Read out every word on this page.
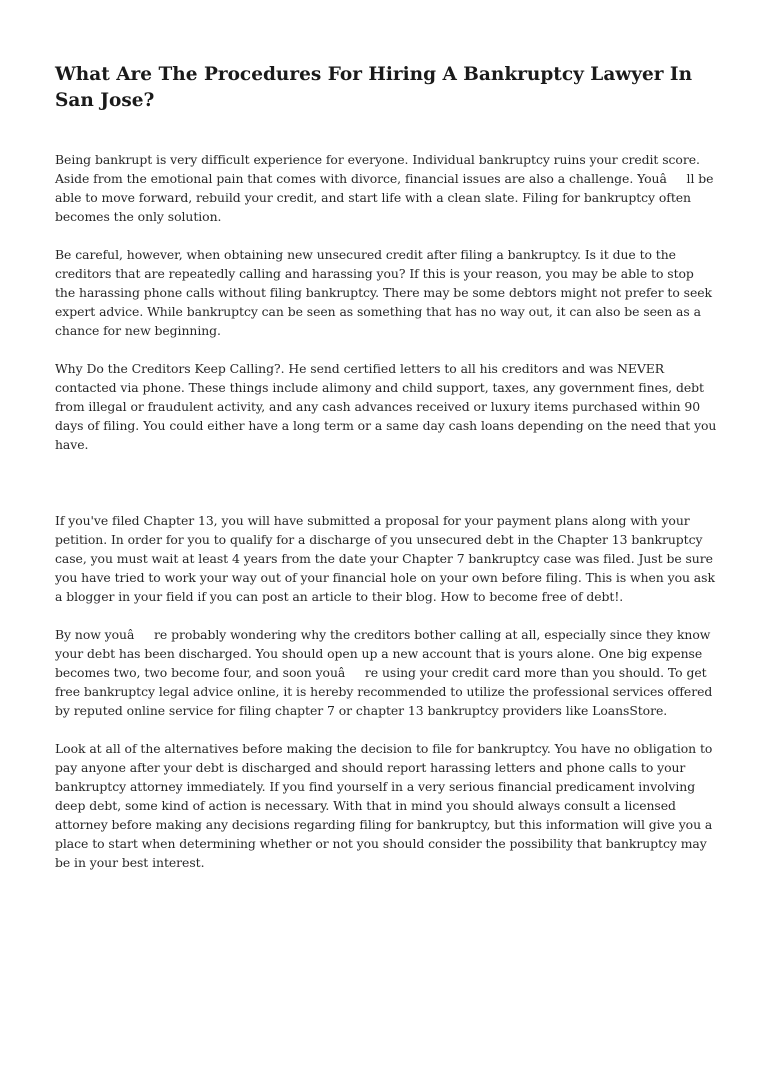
What Are The Procedures For Hiring A Bankruptcy Lawyer In San Jose?

Being bankrupt is very difficult experience for everyone. Individual bankruptcy ruins your credit score. Aside from the emotional pain that comes with divorce, financial issues are also a challenge. Youâll be able to move forward, rebuild your credit, and start life with a clean slate. Filing for bankruptcy often becomes the only solution.

Be careful, however, when obtaining new unsecured credit after filing a bankruptcy. Is it due to the creditors that are repeatedly calling and harassing you? If this is your reason, you may be able to stop the harassing phone calls without filing bankruptcy. There may be some debtors might not prefer to seek expert advice. While bankruptcy can be seen as something that has no way out, it can also be seen as a chance for new beginning.

Why Do the Creditors Keep Calling?. He send certified letters to all his creditors and was NEVER contacted via phone. These things include alimony and child support, taxes, any government fines, debt from illegal or fraudulent activity, and any cash advances received or luxury items purchased within 90 days of filing. You could either have a long term or a same day cash loans depending on the need that you have.

If you've filed Chapter 13, you will have submitted a proposal for your payment plans along with your petition. In order for you to qualify for a discharge of you unsecured debt in the Chapter 13 bankruptcy case, you must wait at least 4 years from the date your Chapter 7 bankruptcy case was filed. Just be sure you have tried to work your way out of your financial hole on your own before filing. This is when you ask a blogger in your field if you can post an article to their blog. How to become free of debt!.

By now youâre probably wondering why the creditors bother calling at all, especially since they know your debt has been discharged. You should open up a new account that is yours alone. One big expense becomes two, two become four, and soon youâre using your credit card more than you should. To get free bankruptcy legal advice online, it is hereby recommended to utilize the professional services offered by reputed online service for filing chapter 7 or chapter 13 bankruptcy providers like LoansStore.

Look at all of the alternatives before making the decision to file for bankruptcy. You have no obligation to pay anyone after your debt is discharged and should report harassing letters and phone calls to your bankruptcy attorney immediately. If you find yourself in a very serious financial predicament involving deep debt, some kind of action is necessary. With that in mind you should always consult a licensed attorney before making any decisions regarding filing for bankruptcy, but this information will give you a place to start when determining whether or not you should consider the possibility that bankruptcy may be in your best interest.
